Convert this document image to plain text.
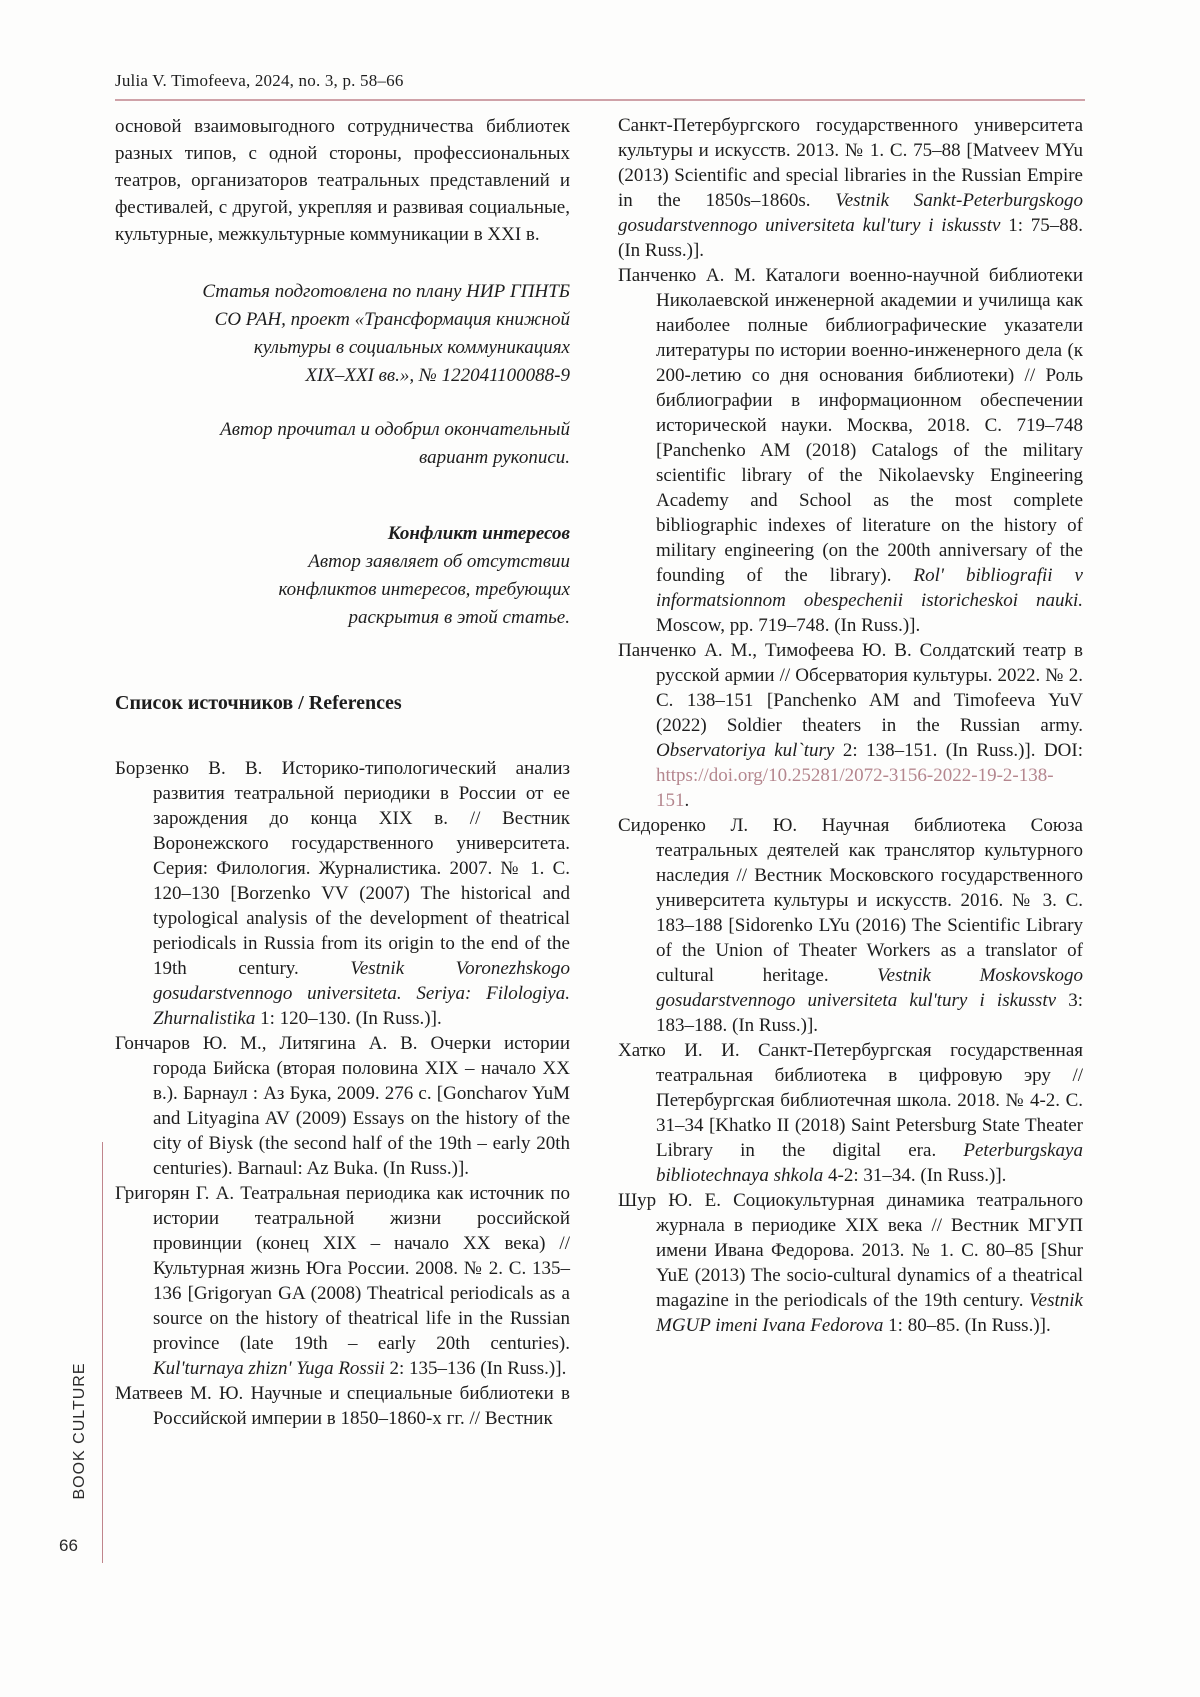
Julia V. Timofeeva, 2024, no. 3, p. 58–66

основой взаимовыгодного сотрудничества библиотек разных типов, с одной стороны, профессиональных театров, организаторов театральных представлений и фестивалей, с другой, укрепляя и развивая социальные, культурные, межкультурные коммуникации в XXI в.

Статья подготовлена по плану НИР ГПНТБ
СО РАН, проект «Трансформация книжной
культуры в социальных коммуникациях
XIX–XXI вв.», № 122041100088-9

Автор прочитал и одобрил окончательный
вариант рукописи.

Конфликт интересов

Автор заявляет об отсутствии
конфликтов интересов, требующих
раскрытия в этой статье.

Список источников / References

Борзенко В. В. Историко-типологический анализ развития театральной периодики в России от ее зарождения до конца XIX в. // Вестник Воронежского государственного университета. Серия: Филология. Журналистика. 2007. № 1. С. 120–130 [Borzenko VV (2007) The historical and typological analysis of the development of theatrical periodicals in Russia from its origin to the end of the 19th century. Vestnik Voronezhskogo gosudarstvennogo universiteta. Seriya: Filologiya. Zhurnalistika 1: 120–130. (In Russ.)].

Гончаров Ю. М., Литягина А. В. Очерки истории города Бийска (вторая половина XIX – начало XX в.). Барнаул : Аз Бука, 2009. 276 с. [Goncharov YuM and Lityagina AV (2009) Essays on the history of the city of Biysk (the second half of the 19th – early 20th centuries). Barnaul: Az Buka. (In Russ.)].

Григорян Г. А. Театральная периодика как источник по истории театральной жизни российской провинции (конец XIX – начало XX века) // Культурная жизнь Юга России. 2008. № 2. С. 135–136 [Grigoryan GA (2008) Theatrical periodicals as a source on the history of theatrical life in the Russian province (late 19th – early 20th centuries). Kul'turnaya zhizn' Yuga Rossii 2: 135–136 (In Russ.)].

Матвеев М. Ю. Научные и специальные библиотеки в Российской империи в 1850–1860-х гг. // Вестник

Санкт-Петербургского государственного университета культуры и искусств. 2013. № 1. С. 75–88 [Matveev MYu (2013) Scientific and special libraries in the Russian Empire in the 1850s–1860s. Vestnik Sankt-Peterburgskogo gosudarstvennogo universiteta kul'tury i iskusstv 1: 75–88. (In Russ.)].

Панченко А. М. Каталоги военно-научной библиотеки Николаевской инженерной академии и училища как наиболее полные библиографические указатели литературы по истории военно-инженерного дела (к 200-летию со дня основания библиотеки) // Роль библиографии в информационном обеспечении исторической науки. Москва, 2018. С. 719–748 [Panchenko AM (2018) Catalogs of the military scientific library of the Nikolaevsky Engineering Academy and School as the most complete bibliographic indexes of literature on the history of military engineering (on the 200th anniversary of the founding of the library). Rol' bibliografii v informatsionnom obespechenii istoricheskoi nauki. Moscow, pp. 719–748. (In Russ.)].

Панченко А. М., Тимофеева Ю. В. Солдатский театр в русской армии // Обсерватория культуры. 2022. № 2. С. 138–151 [Panchenko AM and Timofeeva YuV (2022) Soldier theaters in the Russian army. Observatoriya kul`tury 2: 138–151. (In Russ.)]. DOI: https://doi.org/10.25281/2072-3156-2022-19-2-138-151.

Сидоренко Л. Ю. Научная библиотека Союза театральных деятелей как транслятор культурного наследия // Вестник Московского государственного университета культуры и искусств. 2016. № 3. С. 183–188 [Sidorenko LYu (2016) The Scientific Library of the Union of Theater Workers as a translator of cultural heritage. Vestnik Moskovskogo gosudarstvennogo universiteta kul'tury i iskusstv 3: 183–188. (In Russ.)].

Хатко И. И. Санкт-Петербургская государственная театральная библиотека в цифровую эру // Петербургская библиотечная школа. 2018. № 4-2. С. 31–34 [Khatko II (2018) Saint Petersburg State Theater Library in the digital era. Peterburgskaya bibliotechnaya shkola 4-2: 31–34. (In Russ.)].

Шур Ю. Е. Социокультурная динамика театрального журнала в периодике XIX века // Вестник МГУП имени Ивана Федорова. 2013. № 1. С. 80–85 [Shur YuE (2013) The socio-cultural dynamics of a theatrical magazine in the periodicals of the 19th century. Vestnik MGUP imeni Ivana Fedorova 1: 80–85. (In Russ.)].

BOOK CULTURE
66
